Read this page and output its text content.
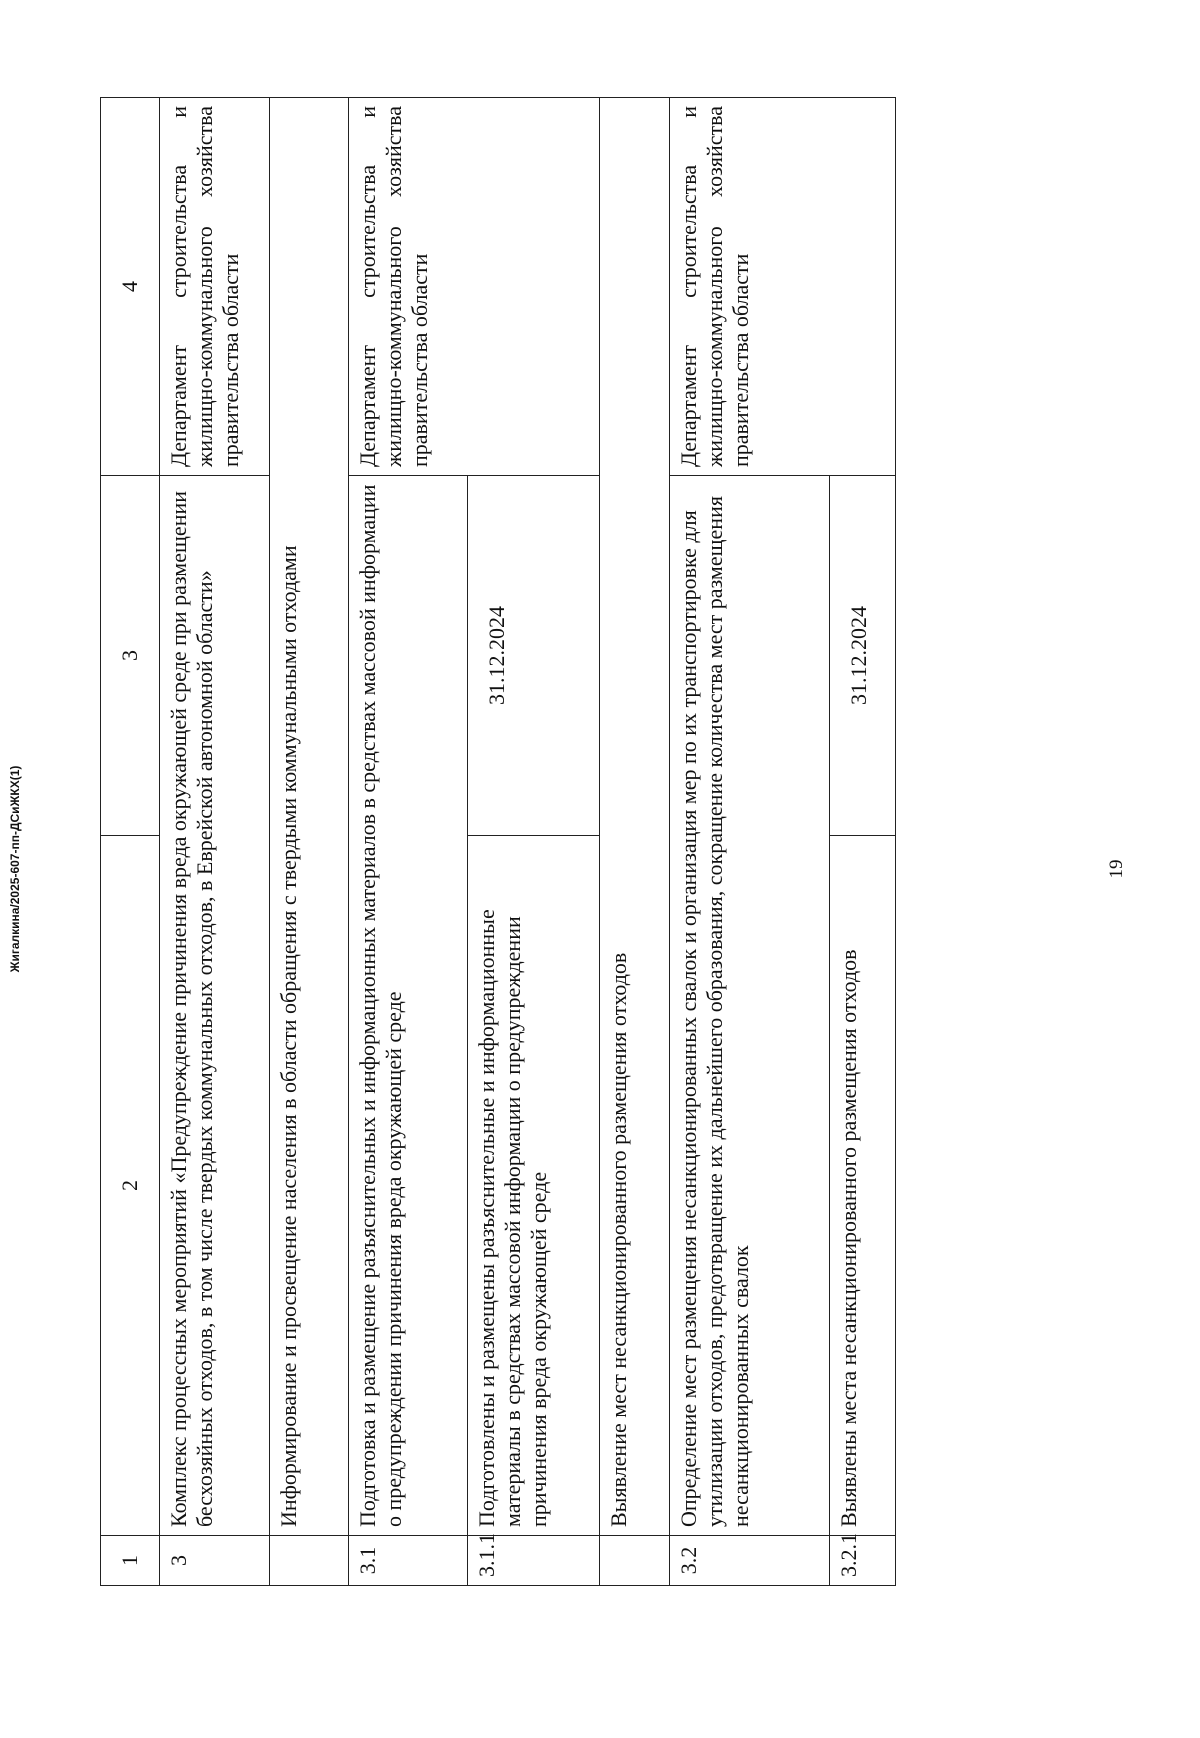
19
1	2	3	4
3	Комплекс процессных мероприятий «Предупреждение причинения вреда окружающей среде при размещении бесхозяйных отходов, в том числе твердых коммунальных отходов, в Еврейской автономной области»		Департамент строительства и жилищно-коммунального хозяйства правительства области
	Информирование и просвещение населения в области обращения с твердыми коммунальными отходами		
3.1	Подготовка и размещение разъяснительных и информационных материалов в средствах массовой информации о предупреждении причинения вреда окружающей среде		Департамент строительства и жилищно-коммунального хозяйства правительства области
3.1.1	Подготовлены и размещены разъяснительные и информационные материалы в средствах массовой информации о предупреждении причинения вреда окружающей среде	31.12.2024	
	Выявление мест несанкционированного размещения отходов		
3.2	Определение мест размещения несанкционированных свалок и организация мер по их транспортировке для утилизации отходов, предотвращение их дальнейшего образования, сокращение количества мест размещения несанкционированных свалок		Департамент строительства и жилищно-коммунального хозяйства правительства области
3.2.1	Выявлены места несанкционированного размещения отходов	31.12.2024	
Жигалкина/2025-607-пп-ДСиЖКХ(1)
